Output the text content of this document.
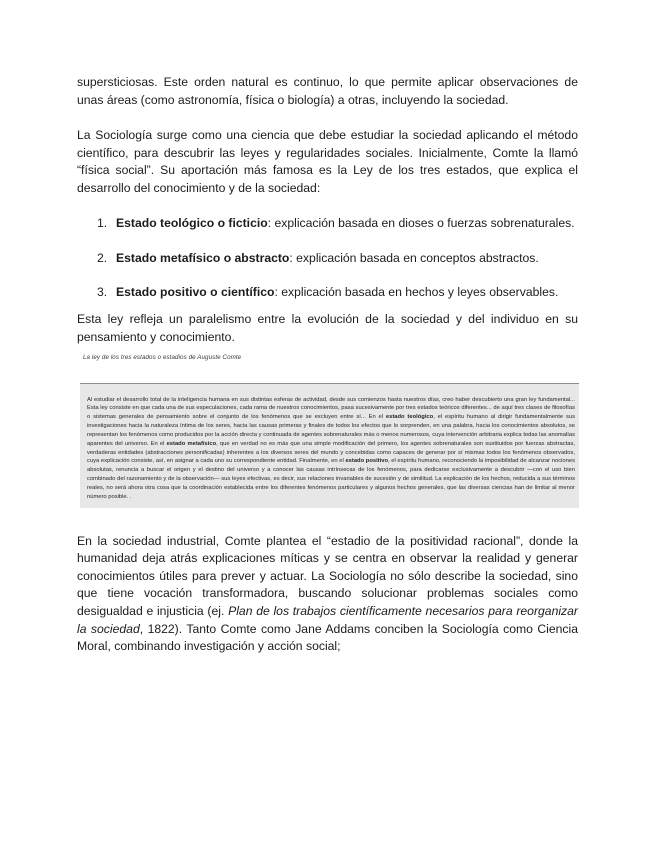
supersticiosas. Este orden natural es continuo, lo que permite aplicar observaciones de unas áreas (como astronomía, física o biología) a otras, incluyendo la sociedad.

La Sociología surge como una ciencia que debe estudiar la sociedad aplicando el método científico, para descubrir las leyes y regularidades sociales. Inicialmente, Comte la llamó “física social”. Su aportación más famosa es la Ley de los tres estados, que explica el desarrollo del conocimiento y de la sociedad:

1. Estado teológico o ficticio: explicación basada en dioses o fuerzas sobrenaturales.
2. Estado metafísico o abstracto: explicación basada en conceptos abstractos.
3. Estado positivo o científico: explicación basada en hechos y leyes observables.

Esta ley refleja un paralelismo entre la evolución de la sociedad y del individuo en su pensamiento y conocimiento.

La ley de los tres estados o estadios de Auguste Comte

Al estudiar el desarrollo total de la inteligencia humana en sus distintas esferas de actividad, desde sus comienzos hasta nuestros días, creo haber descubierto una gran ley fundamental... Esta ley consiste en que cada una de sus especulaciones, cada rama de nuestros conocimientos, pasa sucesivamente por tres estados teóricos diferentes... de aquí tres clases de filosofías o sistemas generales de pensamiento sobre el conjunto de los fenómenos que se excluyen entre sí... En el estado teológico, el espíritu humano al dirigir fundamentalmente sus investigaciones hacia la naturaleza íntima de los seres, hacia las causas primeras y finales de todos los efectos que lo sorprenden, en una palabra, hacia los conocimientos absolutos, se representan los fenómenos como producidos por la acción directa y continuada de agentes sobrenaturales más o menos numerosos, cuya intervención arbitraria explica todas las anomalías aparentes del universo. En el estado metafísico, que en verdad no es más que una simple modificación del primero, los agentes sobrenaturales son sustituidos por fuerzas abstractas, verdaderas entidades (abstracciones personificadas) inherentes a los diversos seres del mundo y concebidas como capaces de generar por sí mismas todos los fenómenos observados, cuya explicación consiste, así, en asignar a cada uno su correspondiente entidad. Finalmente, en el estado positivo, el espíritu humano, reconociendo la imposibilidad de alcanzar nociones absolutas, renuncia a buscar el origen y el destino del universo y a conocer las causas intrínsecas de los fenómenos, para dedicarse exclusivamente a descubrir —con el uso bien combinado del razonamiento y de la observación— sus leyes efectivas, es decir, sus relaciones invariables de sucesión y de similitud. La explicación de los hechos, reducida a sus términos reales, no será ahora otra cosa que la coordinación establecida entre los diferentes fenómenos particulares y algunos hechos generales, que las diversas ciencias han de limitar al menor número posible. .

En la sociedad industrial, Comte plantea el “estadio de la positividad racional”, donde la humanidad deja atrás explicaciones míticas y se centra en observar la realidad y generar conocimientos útiles para prever y actuar. La Sociología no sólo describe la sociedad, sino que tiene vocación transformadora, buscando solucionar problemas sociales como desigualdad e injusticia (ej. Plan de los trabajos científicamente necesarios para reorganizar la sociedad, 1822). Tanto Comte como Jane Addams conciben la Sociología como Ciencia Moral, combinando investigación y acción social;
